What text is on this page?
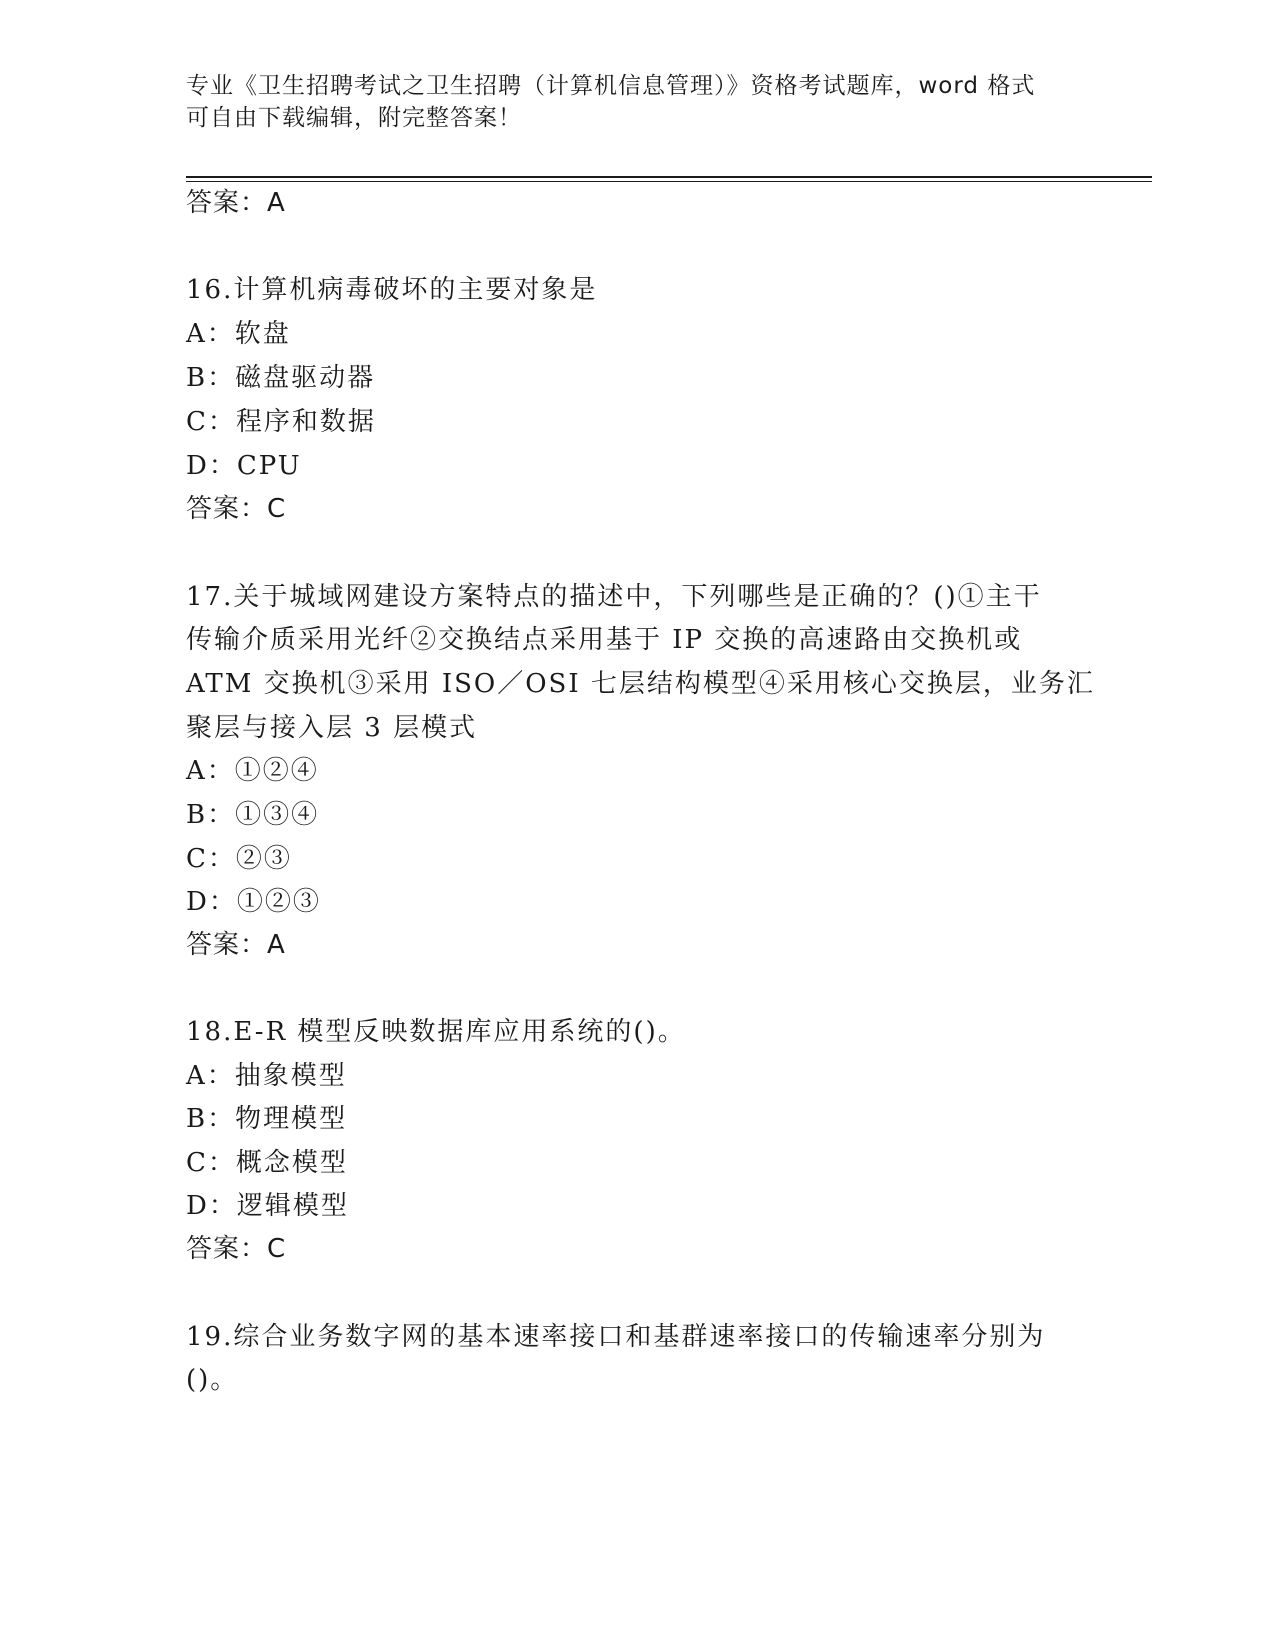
专业《卫生招聘考试之卫生招聘（计算机信息管理）》资格考试题库，word 格式
可自由下载编辑，附完整答案！
答案：A
16.计算机病毒破坏的主要对象是
A：软盘
B：磁盘驱动器
C：程序和数据
D：CPU
答案：C
17.关于城域网建设方案特点的描述中，下列哪些是正确的？()①主干
传输介质采用光纤②交换结点采用基于 IP 交换的高速路由交换机或
ATM 交换机③采用 ISO／OSI 七层结构模型④采用核心交换层，业务汇
聚层与接入层 3 层模式
A：①②④
B：①③④
C：②③
D：①②③
答案：A
18.E-R 模型反映数据库应用系统的()。
A：抽象模型
B：物理模型
C：概念模型
D：逻辑模型
答案：C
19.综合业务数字网的基本速率接口和基群速率接口的传输速率分别为
()。
